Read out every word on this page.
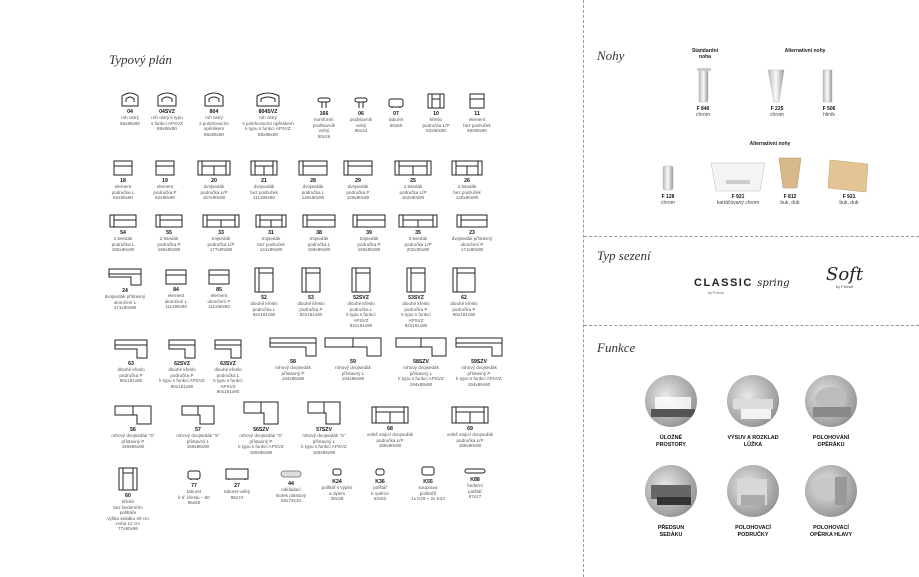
Typový plán
04
roh ostrý
86x86x90
04SVZ
roh ostrý k typu
s funkcí APSVZ
86x86x90
804
roh ostrý
s polohovacím
opěrákem
86x86x90
804SVZ
roh ostrý
s polohovacím opěrákem
k typu s funkcí APSVZ
86x86x90
166
komfortní
podhlavník
volný
50x26
06
podhlavník
volný
65x23
07
taburet
50x60
10
křeslo
područka L/P
92x90x90
11
element
bez područek
66x90x90
18
element
područka L
82x90x90
19
element
područka P
82x90x90
20
dvojsedák
područka L/P
167x90x90
21
dvojsedák
bez područek
111x90x90
28
dvojsedák
područka L
129x90x90
29
dvojsedák
područka P
129x90x90
25
2,5sedák
područka L/P
162x90x90
26
2,5sedák
bez područek
126x90x90
54
2,5sedák
područka L
166x90x90
55
2,5sedák
područka P
166x90x90
33
trojsedák
područka L/P
177x90x90
31
trojsedák
bez područek
141x90x90
38
trojsedák
područka L
159x90x90
39
trojsedák
područka P
159x90x90
35
3,5sedák
područka L/P
202x90x90
23
dvojsedák přístavný
ukončení P
171x90x90
24
dvojsedák přístavný
ukončení L
171x90x90
84
element
ukončení L
111x90x90
85
element
ukončení P
111x90x90
52
dlouhé křeslo
područka L
82x161x90
53
dlouhé křeslo
područka P
82x161x90
52SVZ
dlouhé křeslo
područka L
k typu s funkcí
APSVZ
82x161x90
53SVZ
dlouhé křeslo
područka P
k typu s funkcí
APSVZ
82x161x90
62
dlouhé křeslo
područka P
90x161x90
63
dlouhé křeslo
područka P
90x161x90
62SVZ
dlouhé křeslo
područka P
k typu s funkcí APSVZ
90x161x90
63SVZ
dlouhé křeslo
područka L
k typu s funkcí
APSVZ
90x161x90
58
rohový dvojsedák
přístavný P
194x86x90
59
rohový dvojsedák
přístavný L
194x86x90
58SZV
rohový dvojsedák
přístavný L
k typu s funkcí APSVZ
194x86x90
59SZV
rohový dvojsedák
přístavný P
k typu s funkcí APSVZ
194x86x90
56
rohový dvojsedák "S"
přístavný P
159x86x90
57
rohový dvojsedák "S"
přístavný L
159x86x90
56SZV
rohový dvojsedák "S"
přístavný P
k typu s funkcí APSVZ
159x86x90
57SZV
rohový dvojsedák "S"
přístavný L
k typu s funkcí APSVZ
159x86x90
68
volně stojící dvojsedák
područka L/P
189x90x90
69
volně stojící dvojsedák
područka L/P
189x90x90
60
křeslo
bez bederního
polštáře
výška sedáku 46 cm
noha 12 cm
77x90x96
77
taburet
k tř. křeslu – 60
55x50
27
taburet velký
95x74
44
odkládací
stolek plastový
50x73x10
K24
polštář s výplní
a zipem
38x38
K36
polštář
k opěrce
52x52
K55
souprava
polštářů
1x K26 + 2x K24
K88
bederní
polštář
67x27
Nohy	Standardní
noha
Alternativní nohy
Alternativní nohy
F 840
chrom
F 225
chrom
F 506
hliník
F 128
chrom
F 921
kartáčovaný chrom
F 812
buk, dub
F 921
buk, dub
Typ sezení
CLASSIC spring
by Pohoal
Soft
by Pohsel
Funkce
ÚLOŽNÉ
PROSTORY
VÝSUV A ROZKLAD
LŮŽKA
POLOHOVÁNÍ
OPĚRÁKU
PŘEDSUN
SEDÁKU
POLOHOVACÍ
PODRUČKY
POLOHOVACÍ
OPĚRKA HLAVY
